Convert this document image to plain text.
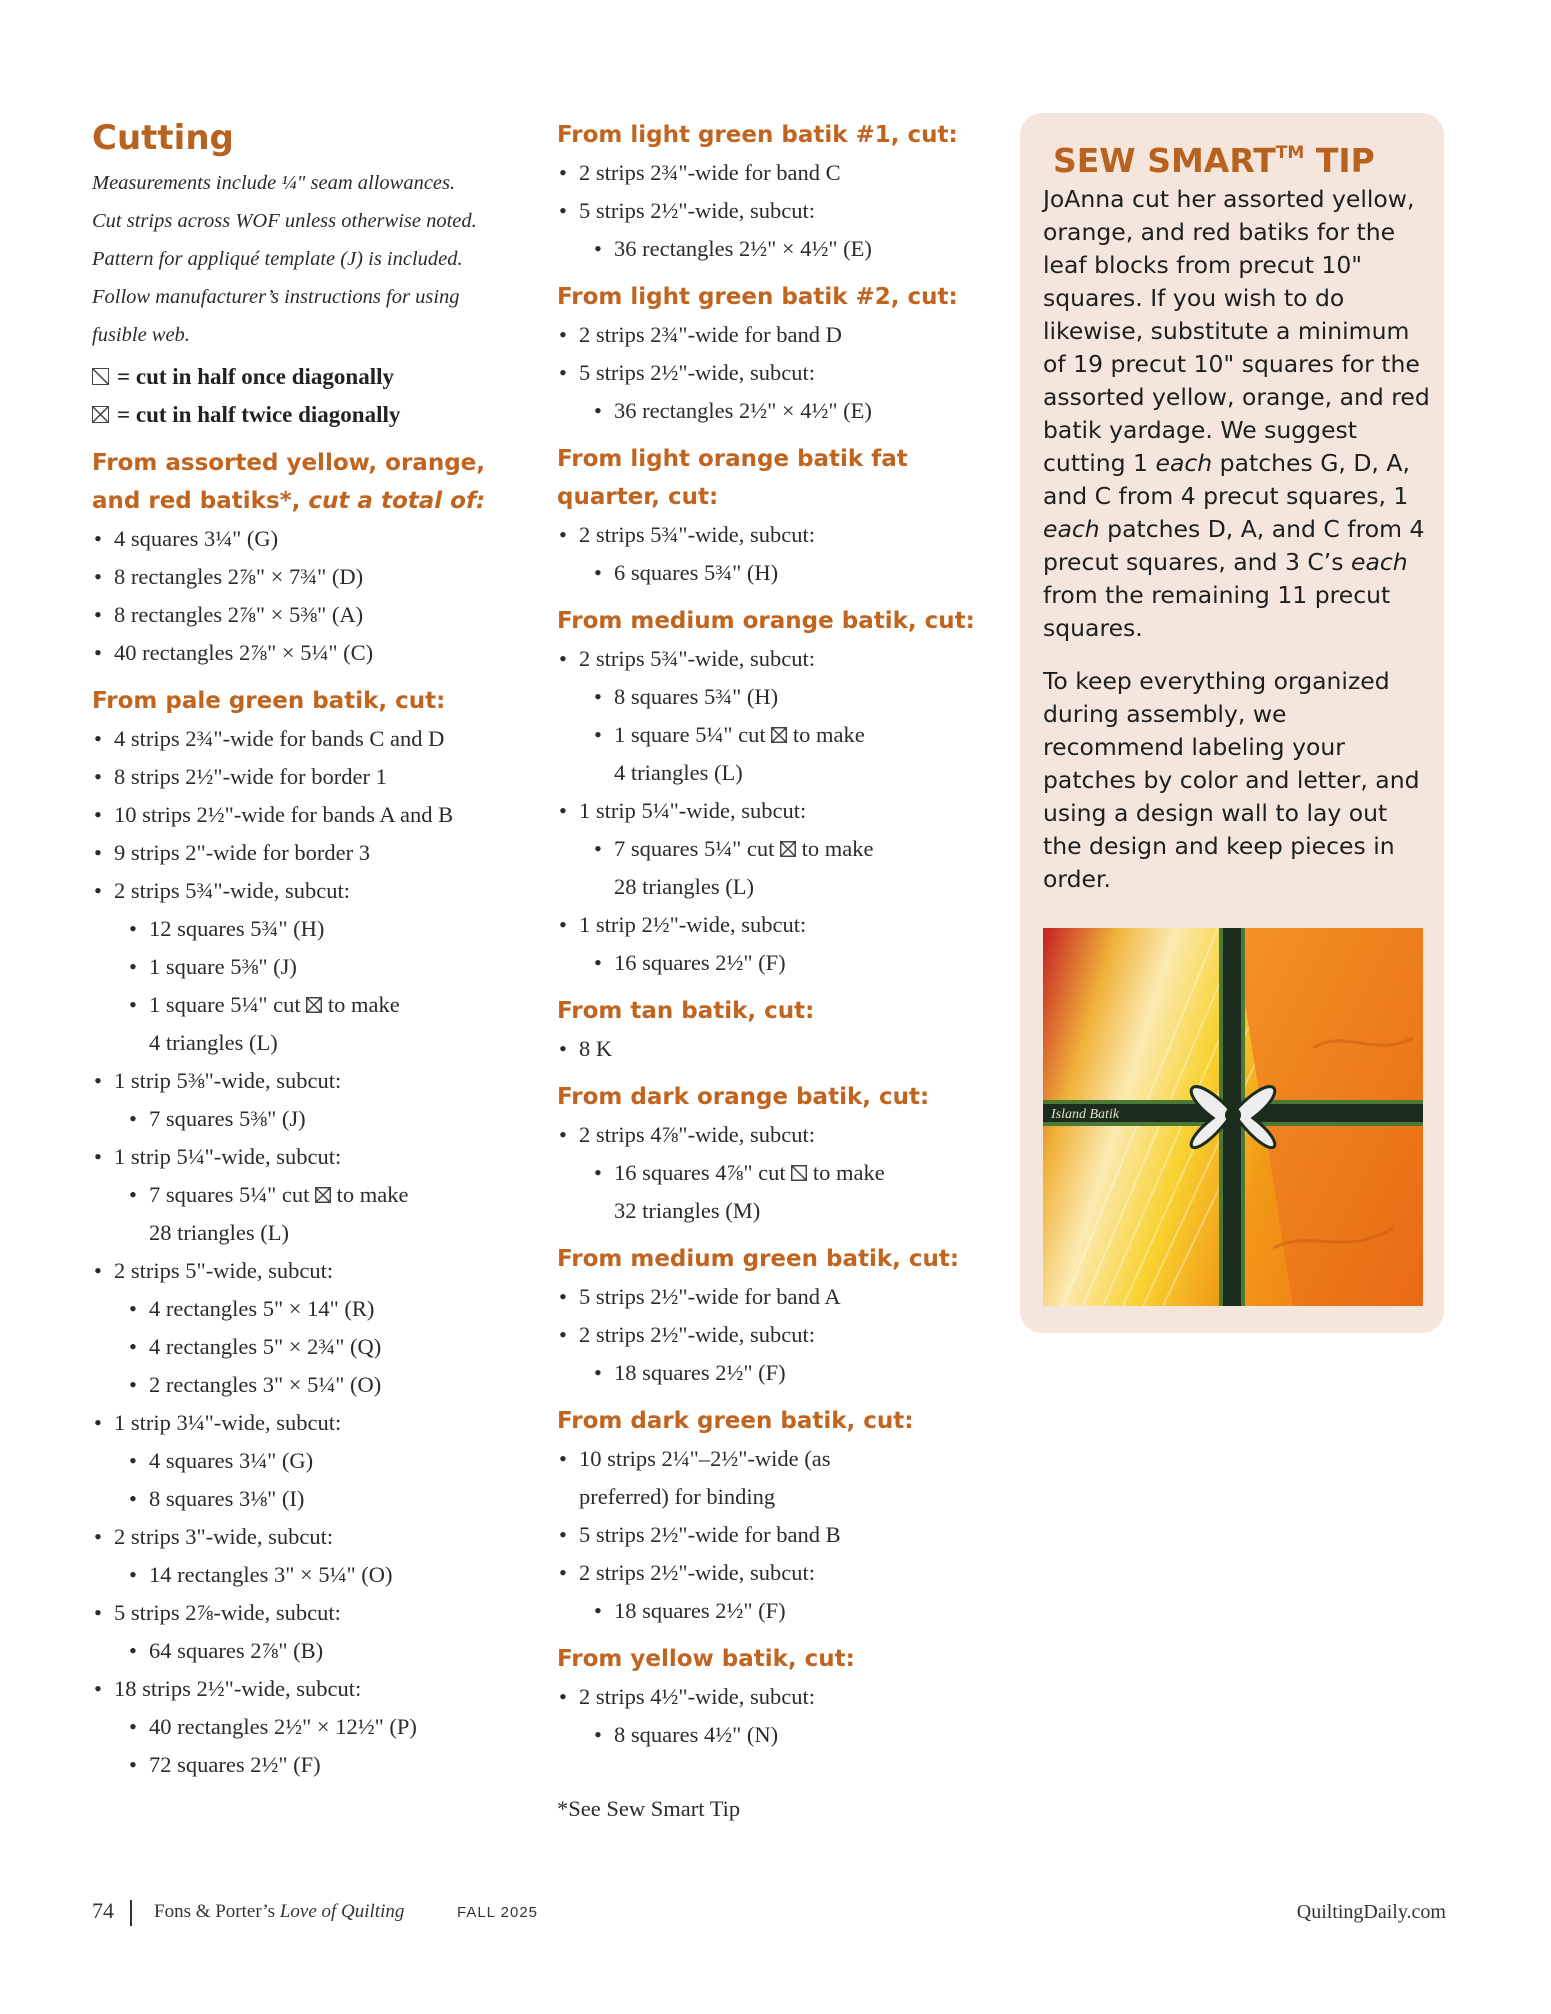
Cutting

Measurements include ¼" seam allowances.
Cut strips across WOF unless otherwise noted.
Pattern for appliqué template (J) is included.
Follow manufacturer’s instructions for using
fusible web.

= cut in half once diagonally
= cut in half twice diagonally
From assorted yellow, orange, and red batiks*, cut a total of:
• 4 squares 3¼" (G)
• 8 rectangles 2⅞" × 7¾" (D)
• 8 rectangles 2⅞" × 5⅜" (A)
• 40 rectangles 2⅞" × 5¼" (C)
From pale green batik, cut:
• 4 strips 2¾"-wide for bands C and D
• 8 strips 2½"-wide for border 1
• 10 strips 2½"-wide for bands A and B
• 9 strips 2"-wide for border 3
• 2 strips 5¾"-wide, subcut:
• 12 squares 5¾" (H)
• 1 square 5⅜" (J)
• 1 square 5¼" cut to make
4 triangles (L)
• 1 strip 5⅜"-wide, subcut:
• 7 squares 5⅜" (J)
• 1 strip 5¼"-wide, subcut:
• 7 squares 5¼" cut to make
28 triangles (L)
• 2 strips 5"-wide, subcut:
• 4 rectangles 5" × 14" (R)
• 4 rectangles 5" × 2¾" (Q)
• 2 rectangles 3" × 5¼" (O)
• 1 strip 3¼"-wide, subcut:
• 4 squares 3¼" (G)
• 8 squares 3⅛" (I)
• 2 strips 3"-wide, subcut:
• 14 rectangles 3" × 5¼" (O)
• 5 strips 2⅞-wide, subcut:
• 64 squares 2⅞" (B)
• 18 strips 2½"-wide, subcut:
• 40 rectangles 2½" × 12½" (P)
• 72 squares 2½" (F)
From light green batik #1, cut:
• 2 strips 2¾"-wide for band C
• 5 strips 2½"-wide, subcut:
• 36 rectangles 2½" × 4½" (E)
From light green batik #2, cut:
• 2 strips 2¾"-wide for band D
• 5 strips 2½"-wide, subcut:
• 36 rectangles 2½" × 4½" (E)
From light orange batik fat quarter, cut:
• 2 strips 5¾"-wide, subcut:
• 6 squares 5¾" (H)
From medium orange batik, cut:
• 2 strips 5¾"-wide, subcut:
• 8 squares 5¾" (H)
• 1 square 5¼" cut to make
4 triangles (L)
• 1 strip 5¼"-wide, subcut:
• 7 squares 5¼" cut to make
28 triangles (L)
• 1 strip 2½"-wide, subcut:
• 16 squares 2½" (F)
From tan batik, cut:
• 8 K
From dark orange batik, cut:
• 2 strips 4⅞"-wide, subcut:
• 16 squares 4⅞" cut to make
32 triangles (M)
From medium green batik, cut:
• 5 strips 2½"-wide for band A
• 2 strips 2½"-wide, subcut:
• 18 squares 2½" (F)
From dark green batik, cut:
• 10 strips 2¼"–2½"-wide (as
preferred) for binding
• 5 strips 2½"-wide for band B
• 2 strips 2½"-wide, subcut:
• 18 squares 2½" (F)
From yellow batik, cut:
• 2 strips 4½"-wide, subcut:
• 8 squares 4½" (N)

*See Sew Smart Tip

SEW SMART™ TIP

JoAnna cut her assorted yellow, orange, and red batiks for the leaf blocks from precut 10" squares. If you wish to do likewise, substitute a minimum of 19 precut 10" squares for the assorted yellow, orange, and red batik yardage. We suggest cutting 1 each patches G, D, A, and C from 4 precut squares, 1 each patches D, A, and C from 4 precut squares, and 3 C’s each from the remaining 11 precut squares.

To keep everything organized during assembly, we recommend labeling your patches by color and letter, and using a design wall to lay out the design and keep pieces in order.

Island Batik
74 Fons & Porter’s Love of Quilting	FALL 2025	QuiltingDaily.com
